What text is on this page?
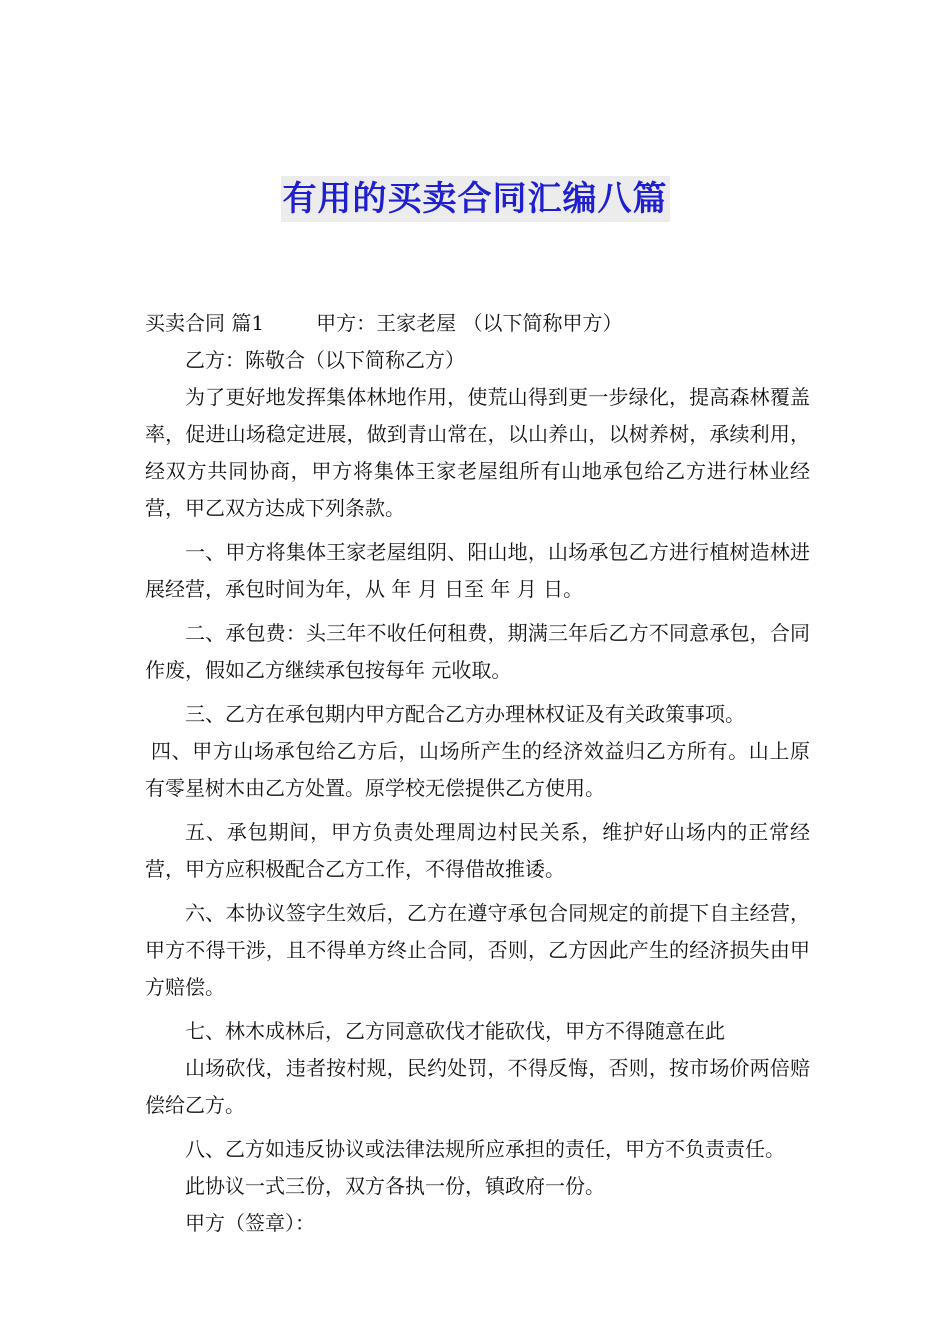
有用的买卖合同汇编八篇

买卖合同 篇1	甲方：王家老屋 （以下简称甲方）

乙方：陈敬合（以下简称乙方）

为了更好地发挥集体林地作用，使荒山得到更一步绿化，提高森林覆盖率，促进山场稳定进展，做到青山常在，以山养山，以树养树，承续利用，经双方共同协商，甲方将集体王家老屋组所有山地承包给乙方进行林业经营，甲乙双方达成下列条款。

一、甲方将集体王家老屋组阴、阳山地，山场承包乙方进行植树造林进展经营，承包时间为年，从 年 月 日至 年 月 日。

二、承包费：头三年不收任何租费，期满三年后乙方不同意承包，合同作废，假如乙方继续承包按每年 元收取。

三、乙方在承包期内甲方配合乙方办理林权证及有关政策事项。

四、甲方山场承包给乙方后，山场所产生的经济效益归乙方所有。山上原有零星树木由乙方处置。原学校无偿提供乙方使用。

五、承包期间，甲方负责处理周边村民关系，维护好山场内的正常经营，甲方应积极配合乙方工作，不得借故推诿。

六、本协议签字生效后，乙方在遵守承包合同规定的前提下自主经营，甲方不得干涉，且不得单方终止合同，否则，乙方因此产生的经济损失由甲方赔偿。

七、林木成林后，乙方同意砍伐才能砍伐，甲方不得随意在此

山场砍伐，违者按村规，民约处罚，不得反悔，否则，按市场价两倍赔偿给乙方。

八、乙方如违反协议或法律法规所应承担的责任，甲方不负责责任。

此协议一式三份，双方各执一份，镇政府一份。

甲方（签章）：
